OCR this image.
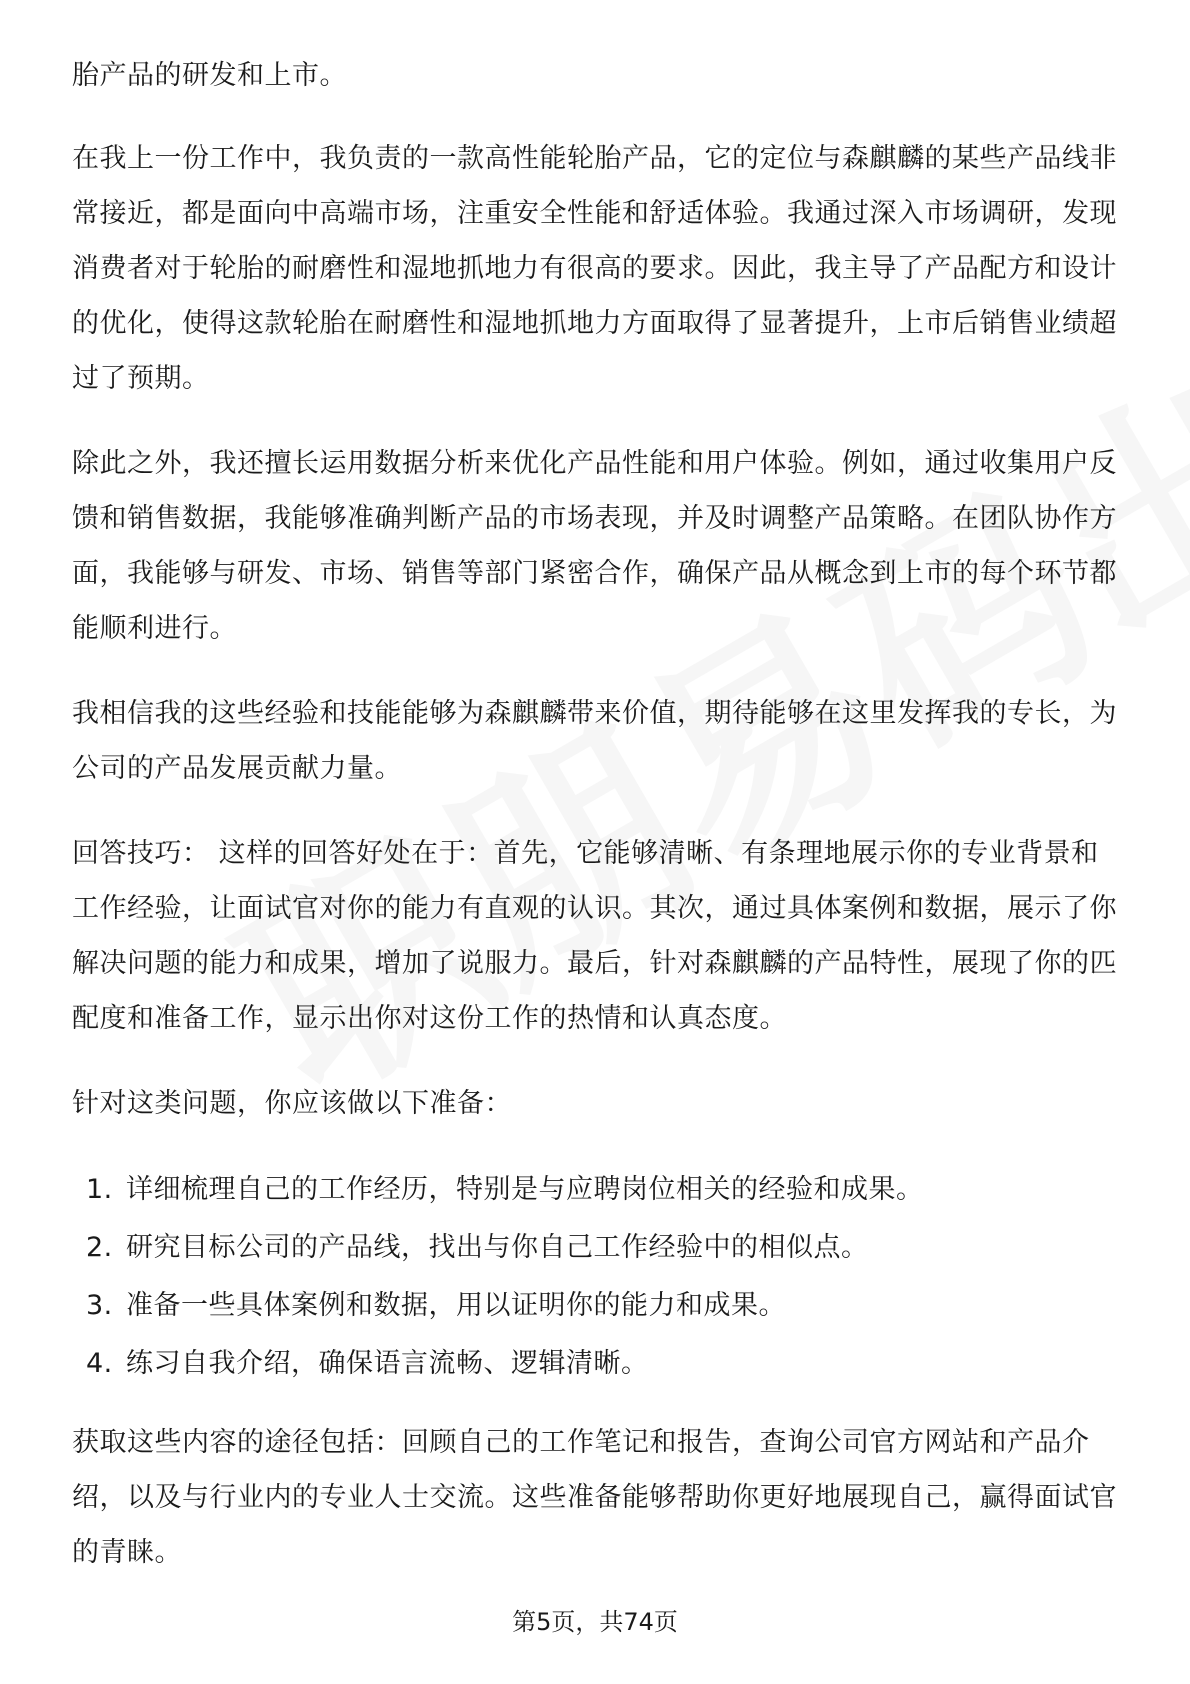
胎产品的研发和上市。

在我上一份工作中，我负责的一款高性能轮胎产品，它的定位与森麒麟的某些产品线非常接近，都是面向中高端市场，注重安全性能和舒适体验。我通过深入市场调研，发现消费者对于轮胎的耐磨性和湿地抓地力有很高的要求。因此，我主导了产品配方和设计的优化，使得这款轮胎在耐磨性和湿地抓地力方面取得了显著提升，上市后销售业绩超过了预期。

除此之外，我还擅长运用数据分析来优化产品性能和用户体验。例如，通过收集用户反馈和销售数据，我能够准确判断产品的市场表现，并及时调整产品策略。在团队协作方面，我能够与研发、市场、销售等部门紧密合作，确保产品从概念到上市的每个环节都能顺利进行。

我相信我的这些经验和技能能够为森麒麟带来价值，期待能够在这里发挥我的专长，为公司的产品发展贡献力量。

回答技巧： 这样的回答好处在于：首先，它能够清晰、有条理地展示你的专业背景和工作经验，让面试官对你的能力有直观的认识。其次，通过具体案例和数据，展示了你解决问题的能力和成果，增加了说服力。最后，针对森麒麟的产品特性，展现了你的匹配度和准备工作，显示出你对这份工作的热情和认真态度。

针对这类问题，你应该做以下准备：

1. 详细梳理自己的工作经历，特别是与应聘岗位相关的经验和成果。
2. 研究目标公司的产品线，找出与你自己工作经验中的相似点。
3. 准备一些具体案例和数据，用以证明你的能力和成果。
4. 练习自我介绍，确保语言流畅、逻辑清晰。

获取这些内容的途径包括：回顾自己的工作笔记和报告，查询公司官方网站和产品介绍，以及与行业内的专业人士交流。这些准备能够帮助你更好地展现自己，赢得面试官的青睐。

第5页，共74页
